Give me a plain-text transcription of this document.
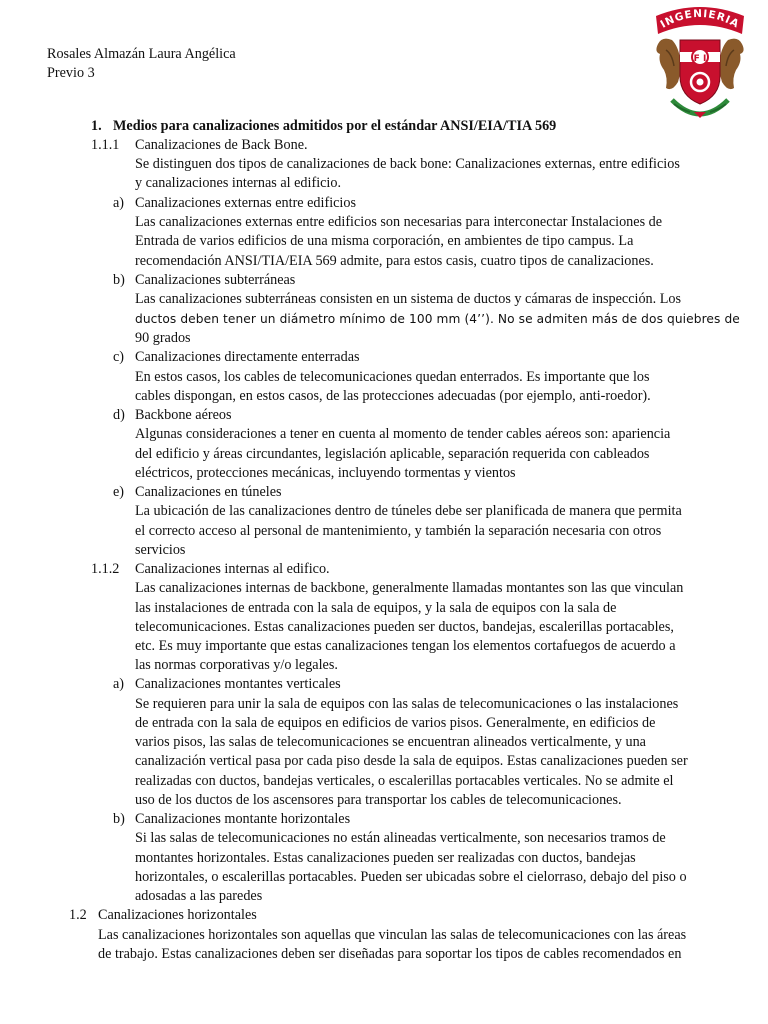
Rosales Almazán Laura Angélica
Previo 3
INGENIERIA
F I
1. Medios para canalizaciones admitidos por el estándar ANSI/EIA/TIA 569
1.1.1 Canalizaciones de Back Bone.
Se distinguen dos tipos de canalizaciones de back bone: Canalizaciones externas, entre edificios
y canalizaciones internas al edificio.
a) Canalizaciones externas entre edificios
Las canalizaciones externas entre edificios son necesarias para interconectar Instalaciones de
Entrada de varios edificios de una misma corporación, en ambientes de tipo campus. La
recomendación ANSI/TIA/EIA 569 admite, para estos casis, cuatro tipos de canalizaciones.
b) Canalizaciones subterráneas
Las canalizaciones subterráneas consisten en un sistema de ductos y cámaras de inspección. Los
ductos deben tener un diámetro mínimo de 100 mm (4’’). No se admiten más de dos quiebres de
90 grados
c) Canalizaciones directamente enterradas
En estos casos, los cables de telecomunicaciones quedan enterrados. Es importante que los
cables dispongan, en estos casos, de las protecciones adecuadas (por ejemplo, anti-roedor).
d) Backbone aéreos
Algunas consideraciones a tener en cuenta al momento de tender cables aéreos son: apariencia
del edificio y áreas circundantes, legislación aplicable, separación requerida con cableados
eléctricos, protecciones mecánicas, incluyendo tormentas y vientos
e) Canalizaciones en túneles
La ubicación de las canalizaciones dentro de túneles debe ser planificada de manera que permita
el correcto acceso al personal de mantenimiento, y también la separación necesaria con otros
servicios
1.1.2 Canalizaciones internas al edifico.
Las canalizaciones internas de backbone, generalmente llamadas montantes son las que vinculan
las instalaciones de entrada con la sala de equipos, y la sala de equipos con la sala de
telecomunicaciones. Estas canalizaciones pueden ser ductos, bandejas, escalerillas portacables,
etc. Es muy importante que estas canalizaciones tengan los elementos cortafuegos de acuerdo a
las normas corporativas y/o legales.
a) Canalizaciones montantes verticales
Se requieren para unir la sala de equipos con las salas de telecomunicaciones o las instalaciones
de entrada con la sala de equipos en edificios de varios pisos. Generalmente, en edificios de
varios pisos, las salas de telecomunicaciones se encuentran alineados verticalmente, y una
canalización vertical pasa por cada piso desde la sala de equipos. Estas canalizaciones pueden ser
realizadas con ductos, bandejas verticales, o escalerillas portacables verticales. No se admite el
uso de los ductos de los ascensores para transportar los cables de telecomunicaciones.
b) Canalizaciones montante horizontales
Si las salas de telecomunicaciones no están alineadas verticalmente, son necesarios tramos de
montantes horizontales. Estas canalizaciones pueden ser realizadas con ductos, bandejas
horizontales, o escalerillas portacables. Pueden ser ubicadas sobre el cielorraso, debajo del piso o
adosadas a las paredes
1.2 Canalizaciones horizontales
Las canalizaciones horizontales son aquellas que vinculan las salas de telecomunicaciones con las áreas
de trabajo. Estas canalizaciones deben ser diseñadas para soportar los tipos de cables recomendados en
